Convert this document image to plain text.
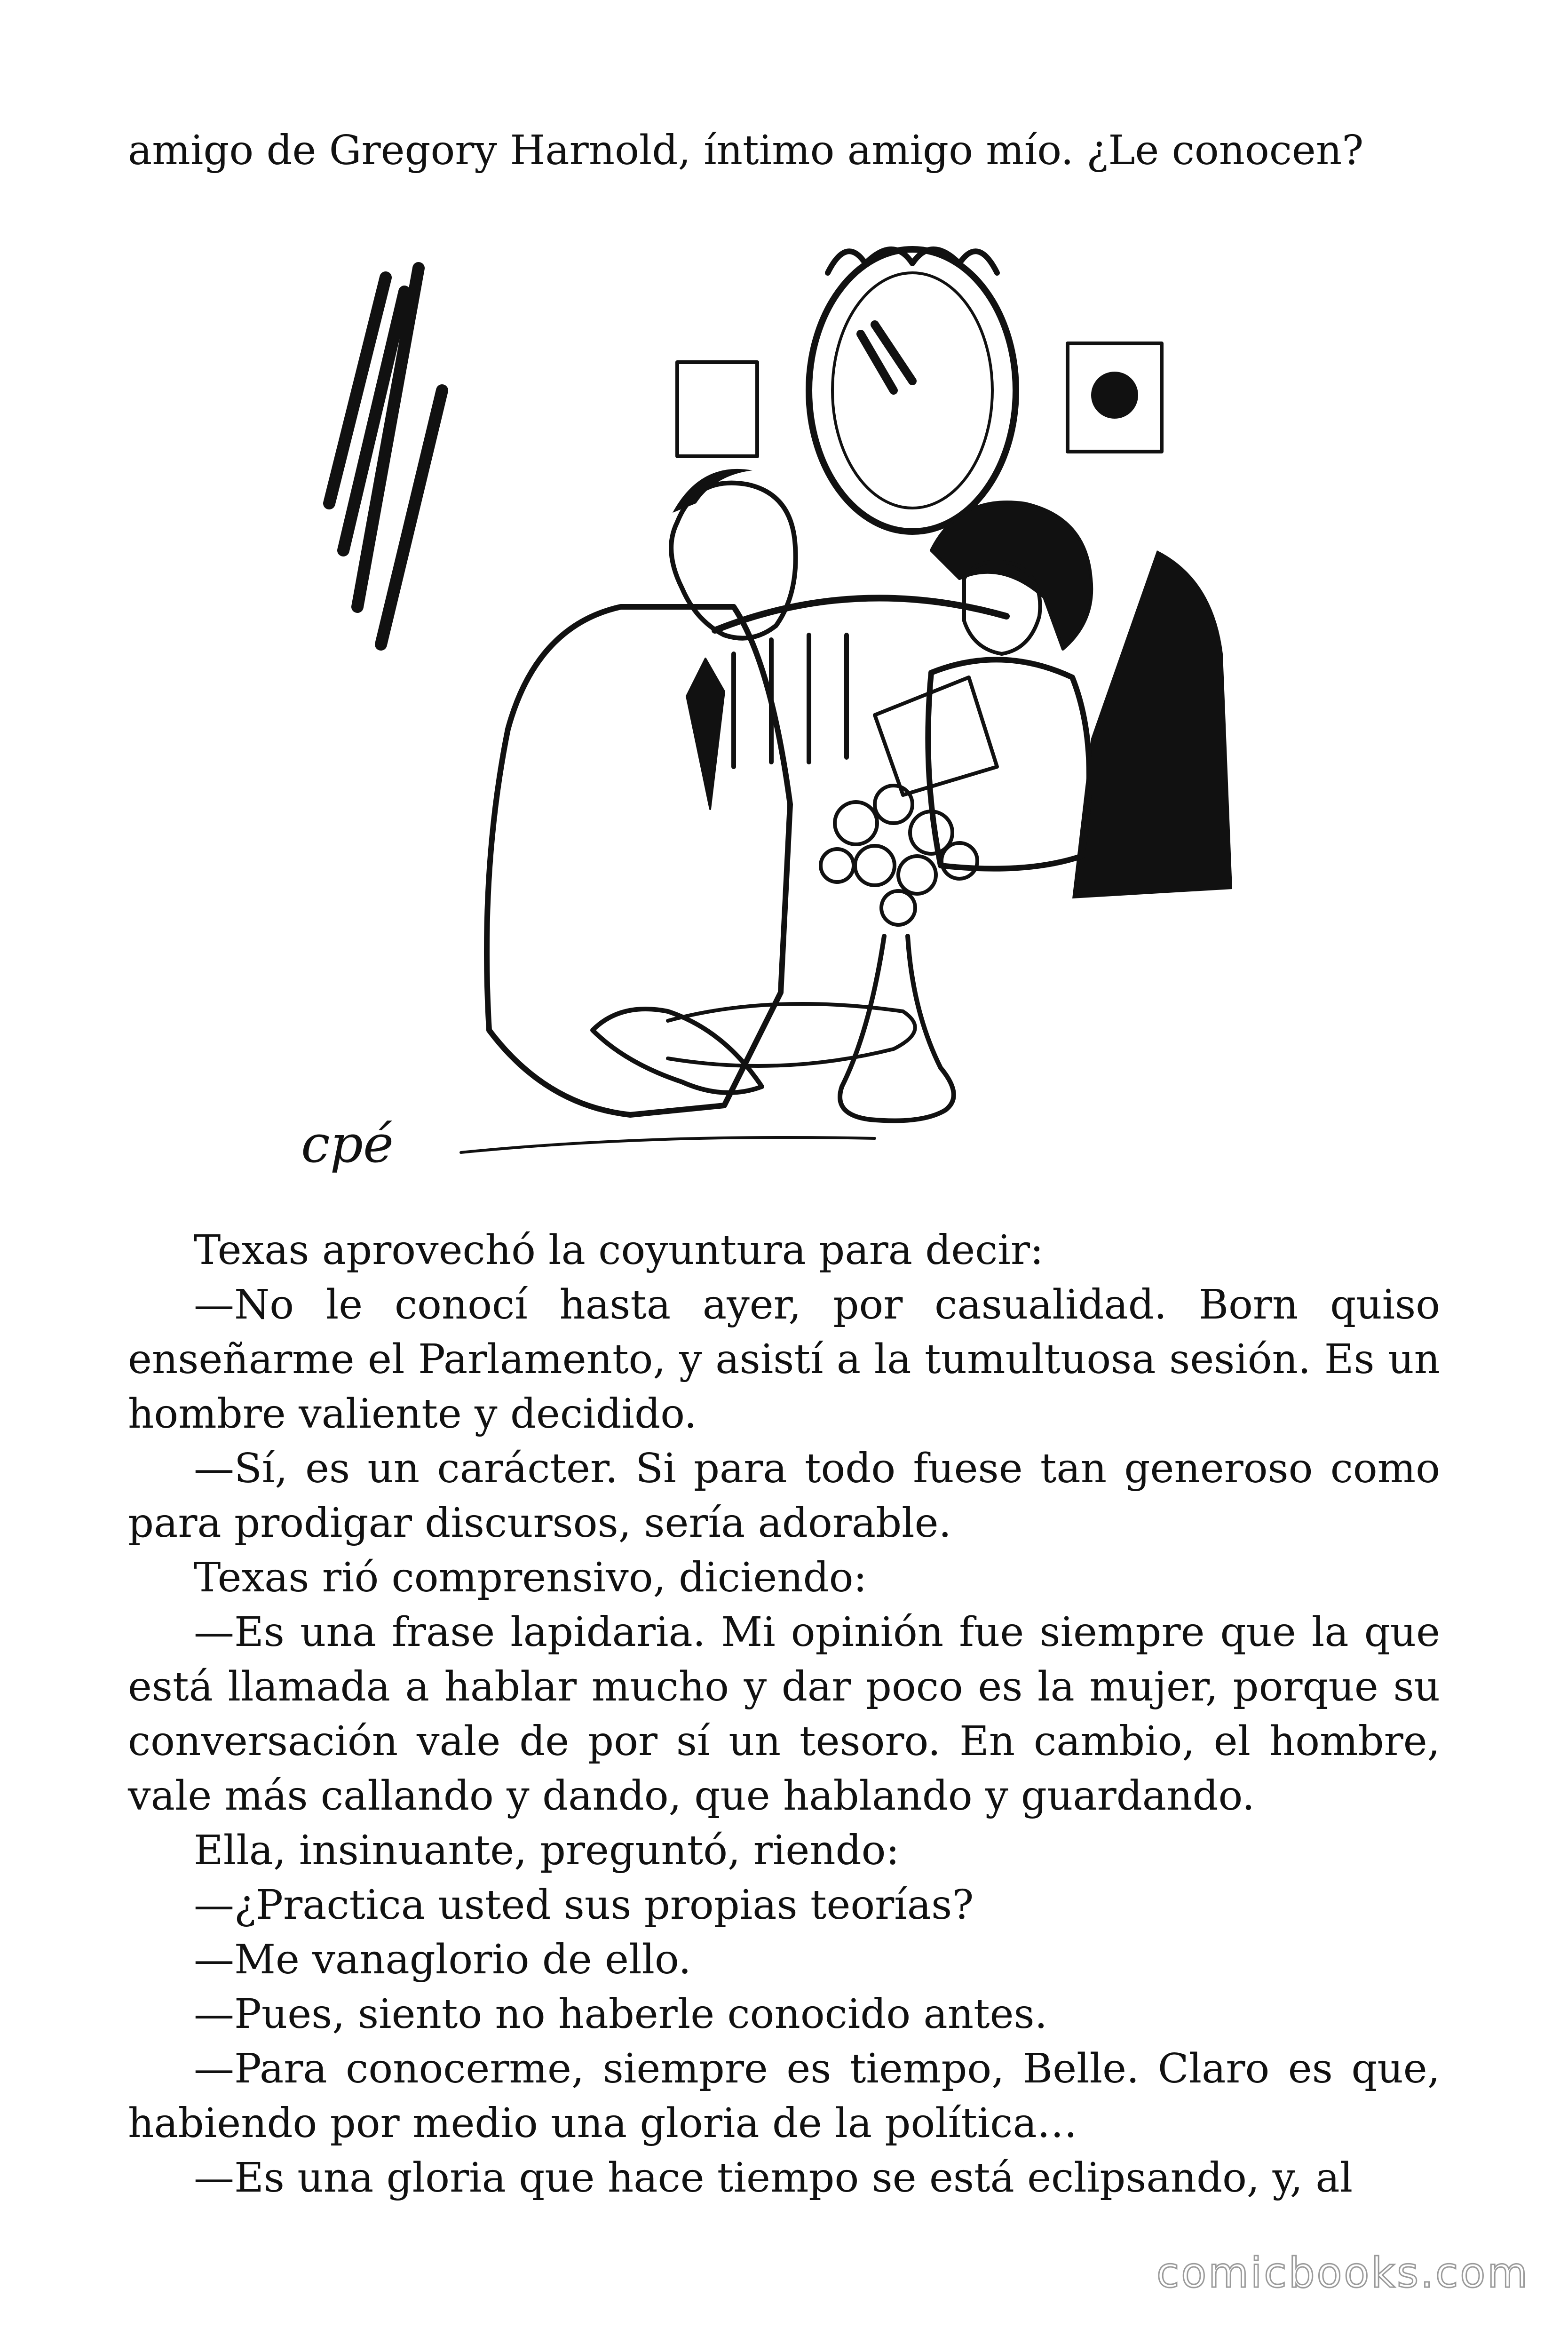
amigo de Gregory Harnold, íntimo amigo mío. ¿Le conocen?

cpé

Texas aprovechó la coyuntura para decir:

—No le conocí hasta ayer, por casualidad. Born quiso enseñarme el Parlamento, y asistí a la tumultuosa sesión. Es un hombre valiente y decidido.

—Sí, es un carácter. Si para todo fuese tan generoso como para prodigar discursos, sería adorable.

Texas rió comprensivo, diciendo:

—Es una frase lapidaria. Mi opinión fue siempre que la que está llamada a hablar mucho y dar poco es la mujer, porque su conversación vale de por sí un tesoro. En cambio, el hombre, vale más callando y dando, que hablando y guardando.

Ella, insinuante, preguntó, riendo:

—¿Practica usted sus propias teorías?

—Me vanaglorio de ello.

—Pues, siento no haberle conocido antes.

—Para conocerme, siempre es tiempo, Belle. Claro es que, habiendo por medio una gloria de la política…

—Es una gloria que hace tiempo se está eclipsando, y, al

comicbooks.com
